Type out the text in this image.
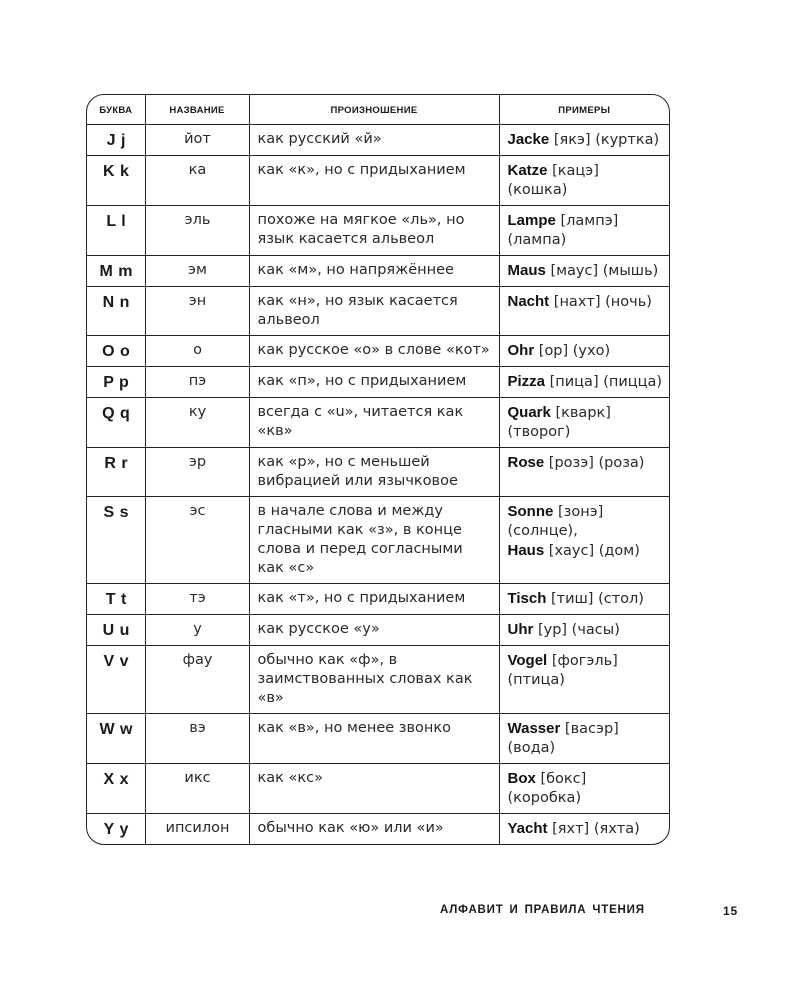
БУКВА	НАЗВАНИЕ	ПРОИЗНОШЕНИЕ	ПРИМЕРЫ
J j	йот	как русский «й»	Jacke [якэ] (куртка)

K k	ка	как «к», но с придыханием	Katze [кацэ] (кошка)

L l	эль	похоже на мягкое «ль», но язык касается альвеол	Lampe [лампэ] (лампа)

M m	эм	как «м», но напряжённее	Maus [маус] (мышь)

N n	эн	как «н», но язык касается альвеол	Nacht [нахт] (ночь)

O o	о	как русское «о» в слове «кот»	Ohr [ор] (ухо)

P p	пэ	как «п», но с придыханием	Pizza [пица] (пицца)

Q q	ку	всегда с «u», читается как «кв»	Quark [кварк] (творог)

R r	эр	как «р», но с меньшей вибрацией или язычковое	Rose [розэ] (роза)

S s	эс	в начале слова и между гласными как «з», в конце слова и перед согласными как «с»	Sonne [зонэ] (солнце),
Haus [хаус] (дом)

T t	тэ	как «т», но с придыханием	Tisch [тиш] (стол)

U u	у	как русское «у»	Uhr [ур] (часы)

V v	фау	обычно как «ф», в заимствованных словах как «в»	Vogel [фогэль] (птица)

W w	вэ	как «в», но менее звонко	Wasser [васэр] (вода)

X x	икс	как «кс»	Box [бокс] (коробка)

Y y	ипсилон	обычно как «ю» или «и»	Yacht [яхт] (яхта)
АЛФАВИТ И ПРАВИЛА ЧТЕНИЯ	15
